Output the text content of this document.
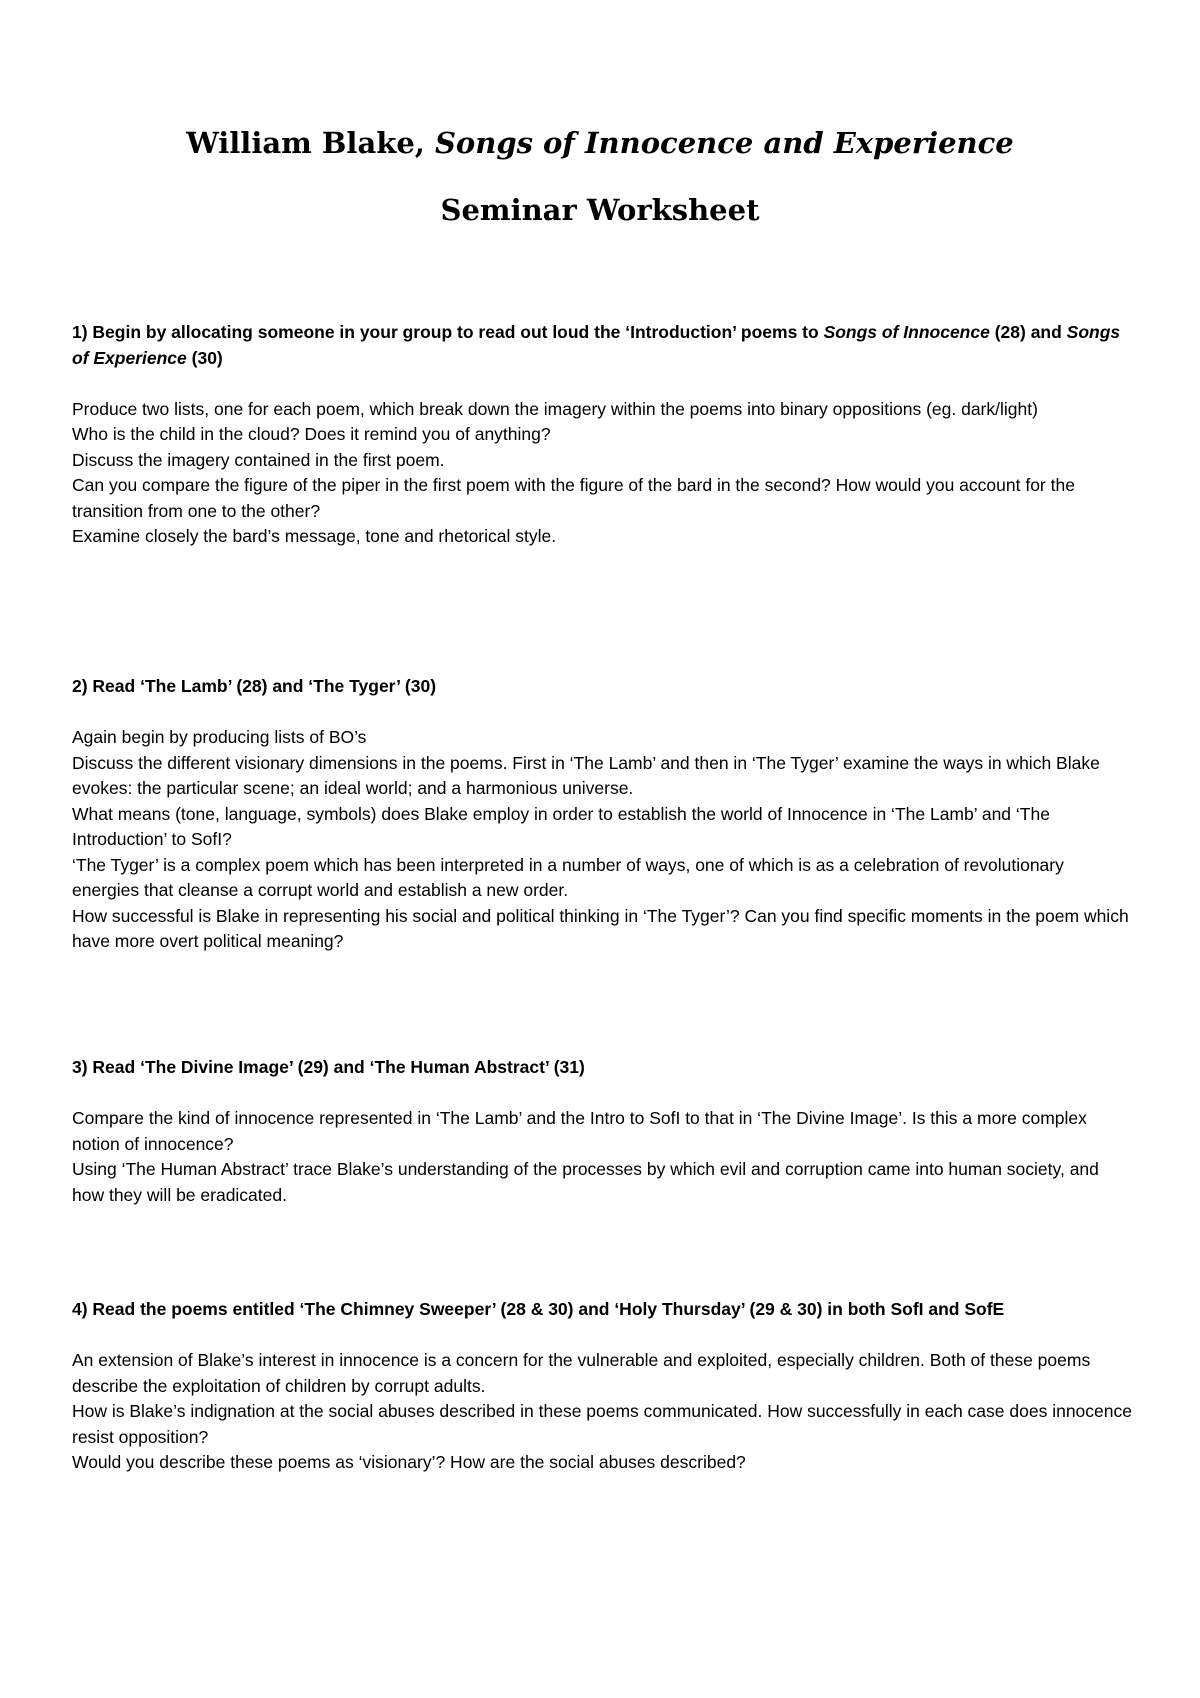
William Blake, Songs of Innocence and Experience
Seminar Worksheet

1) Begin by allocating someone in your group to read out loud the ‘Introduction’ poems to Songs of Innocence (28) and Songs of Experience (30)

Produce two lists, one for each poem, which break down the imagery within the poems into binary oppositions (eg. dark/light)

Who is the child in the cloud? Does it remind you of anything?

Discuss the imagery contained in the first poem.

Can you compare the figure of the piper in the first poem with the figure of the bard in the second? How would you account for the transition from one to the other?

Examine closely the bard’s message, tone and rhetorical style.

2) Read ‘The Lamb’ (28) and ‘The Tyger’ (30)

Again begin by producing lists of BO’s

Discuss the different visionary dimensions in the poems. First in ‘The Lamb’ and then in ‘The Tyger’ examine the ways in which Blake evokes: the particular scene; an ideal world; and a harmonious universe.

What means (tone, language, symbols) does Blake employ in order to establish the world of Innocence in ‘The Lamb’ and ‘The Introduction’ to SofI?

‘The Tyger’ is a complex poem which has been interpreted in a number of ways, one of which is as a celebration of revolutionary energies that cleanse a corrupt world and establish a new order.

How successful is Blake in representing his social and political thinking in ‘The Tyger’? Can you find specific moments in the poem which have more overt political meaning?

3) Read ‘The Divine Image’ (29) and ‘The Human Abstract’ (31)

Compare the kind of innocence represented in ‘The Lamb’ and the Intro to SofI to that in ‘The Divine Image’. Is this a more complex notion of innocence?

Using ‘The Human Abstract’ trace Blake’s understanding of the processes by which evil and corruption came into human society, and how they will be eradicated.

4) Read the poems entitled ‘The Chimney Sweeper’ (28 & 30) and ‘Holy Thursday’ (29 & 30) in both SofI and SofE

An extension of Blake’s interest in innocence is a concern for the vulnerable and exploited, especially children. Both of these poems describe the exploitation of children by corrupt adults.

How is Blake’s indignation at the social abuses described in these poems communicated. How successfully in each case does innocence resist opposition?

Would you describe these poems as ‘visionary’? How are the social abuses described?
